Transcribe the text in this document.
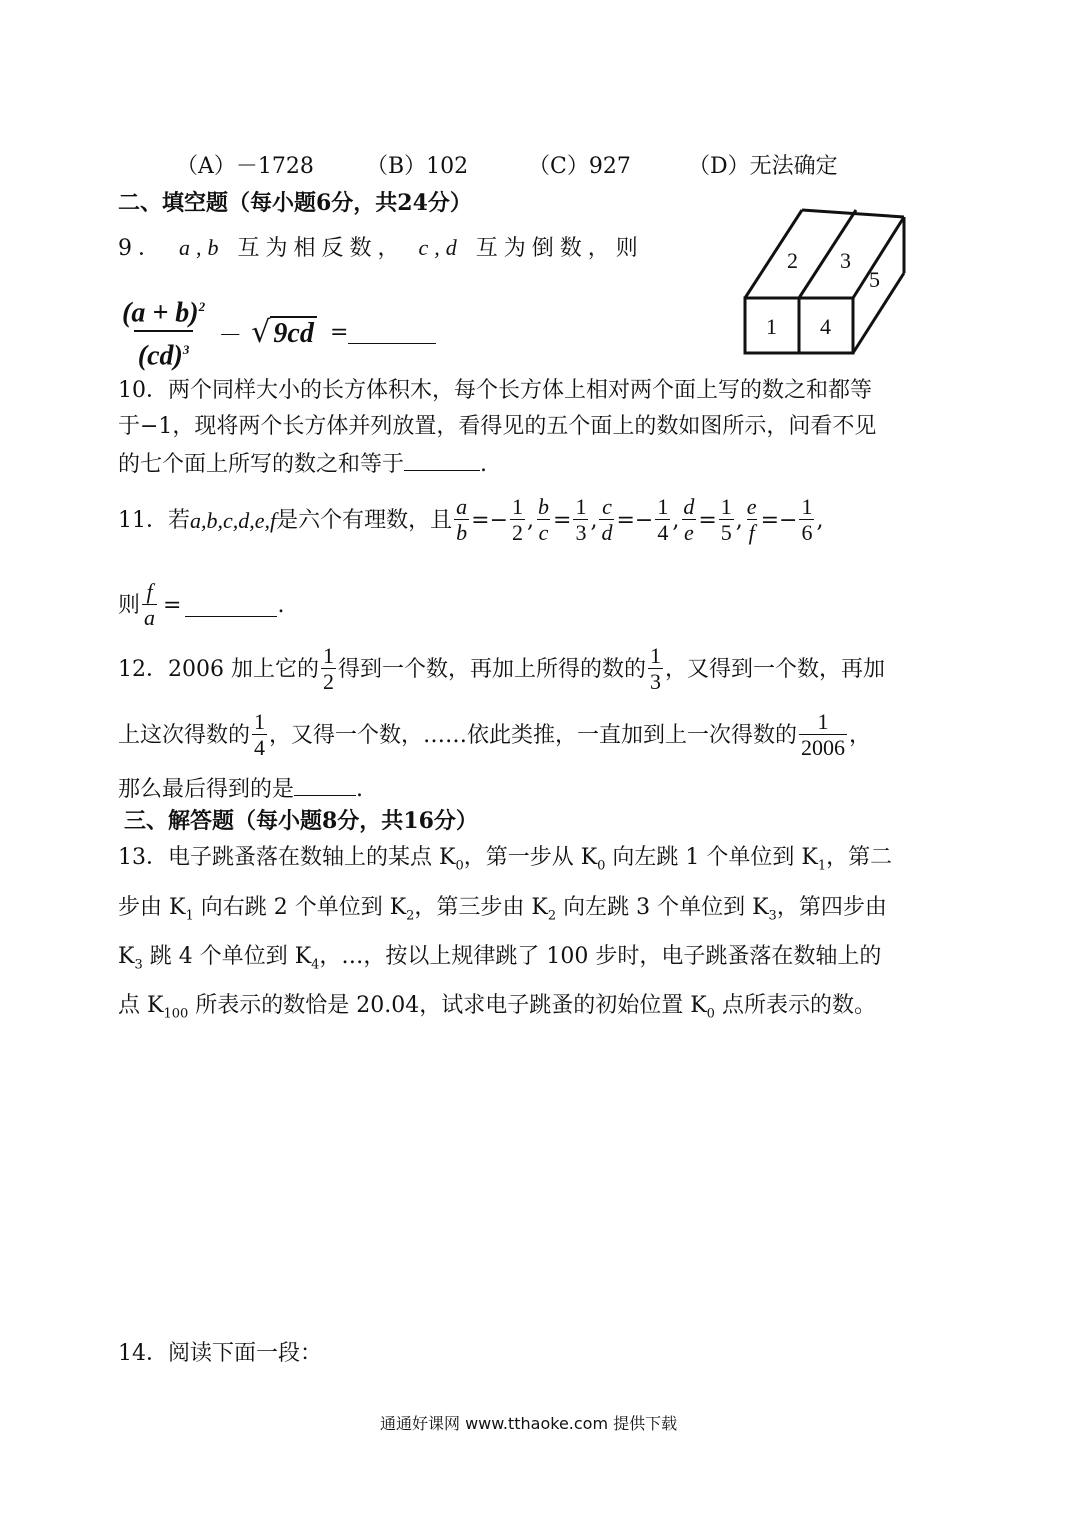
（A）－1728 （B）102	（C）927	（D）无法确定
二、填空题（每小题6分，共24分）
9． a,b 互为相反数， c,d 互为倒数，则
$\frac{(a + b)^2}{(cd)^3}$ － √ 9cd =
2 3
5
1 4
10．两个同样大小的长方体积木，每个长方体上相对两个面上写的数之和都等
于−1，现将两个长方体并列放置，看得见的五个面上的数如图所示，问看不见
的七个面上所写的数之和等于	.
11．若 a,b,c,d,e,f 是六个有理数，且 $\frac{a}{b}$ = − $\frac{1}{2}$ , $\frac{b}{c} = \frac{1}{3}$ , $\frac{c}{d}$ = − $\frac{1}{4}$ , $\frac{d}{e} = \frac{1}{5}$ , $\frac{e}{f}$ = − $\frac{1}{6}$ ,
则 $\frac{f}{a}$ =	.
12．2006 加上它的 $\frac{1}{2}$ 得到一个数，再加上所得的数的 $\frac{1}{3}$ ，又得到一个数，再加
上这次得数的 $\frac{1}{4}$ ，又得一个数，……依此类推，一直加到上一次得数的 $\frac{1}{2006}$ ，
那么最后得到的是	.
三、解答题（每小题8分，共16分）
13．电子跳蚤落在数轴上的某点 $K_0$，第一步从 $K_0$ 向左跳 1 个单位到 $K_1$，第二
步由 $K_1$ 向右跳 2 个单位到 $K_2$，第三步由 $K_2$ 向左跳 3 个单位到 $K_3$，第四步由
$K_3$ 跳 4 个单位到 $K_4$，…，按以上规律跳了 100 步时，电子跳蚤落在数轴上的
点 $K_{100}$ 所表示的数恰是 20.04，试求电子跳蚤的初始位置 $K_0$ 点所表示的数。
14．阅读下面一段：
通通好课网 www.tthaoke.com 提供下载
